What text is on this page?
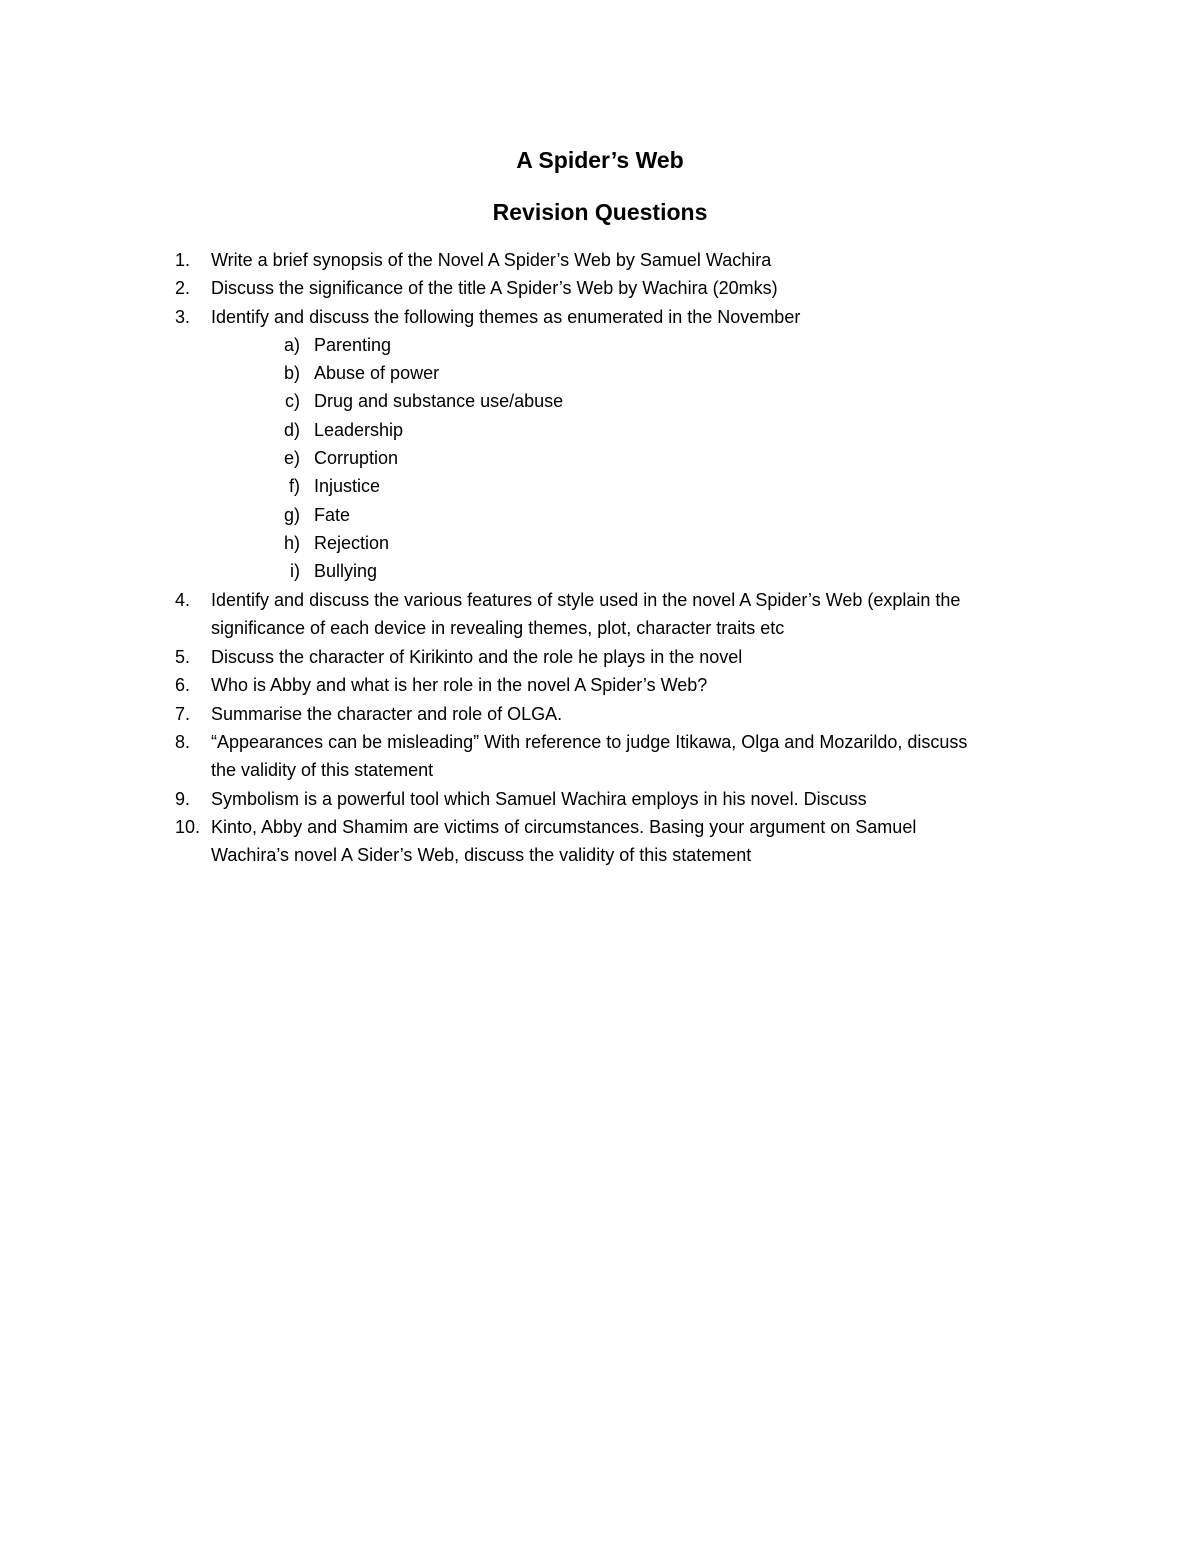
A Spider’s Web
Revision Questions
1.	Write a brief synopsis of the Novel A Spider’s Web by Samuel Wachira
2.	Discuss the significance of the title A Spider’s Web by Wachira (20mks)
3.	Identify and discuss the following themes as enumerated in the November
a) Parenting
b) Abuse of power
c) Drug and substance use/abuse
d) Leadership
e) Corruption
f) Injustice
g) Fate
h) Rejection
i) Bullying
4.	Identify and discuss the various features of style used in the novel A Spider’s Web (explain the
significance of each device in revealing themes, plot, character traits etc
5.	Discuss the character of Kirikinto and the role he plays in the novel
6.	Who is Abby and what is her role in the novel A Spider’s Web?
7.	Summarise the character and role of OLGA.
8.	“Appearances can be misleading” With reference to judge Itikawa, Olga and Mozarildo, discuss
the validity of this statement
9.	Symbolism is a powerful tool which Samuel Wachira employs in his novel. Discuss
10. Kinto, Abby and Shamim are victims of circumstances. Basing your argument on Samuel
Wachira’s novel A Sider’s Web, discuss the validity of this statement
